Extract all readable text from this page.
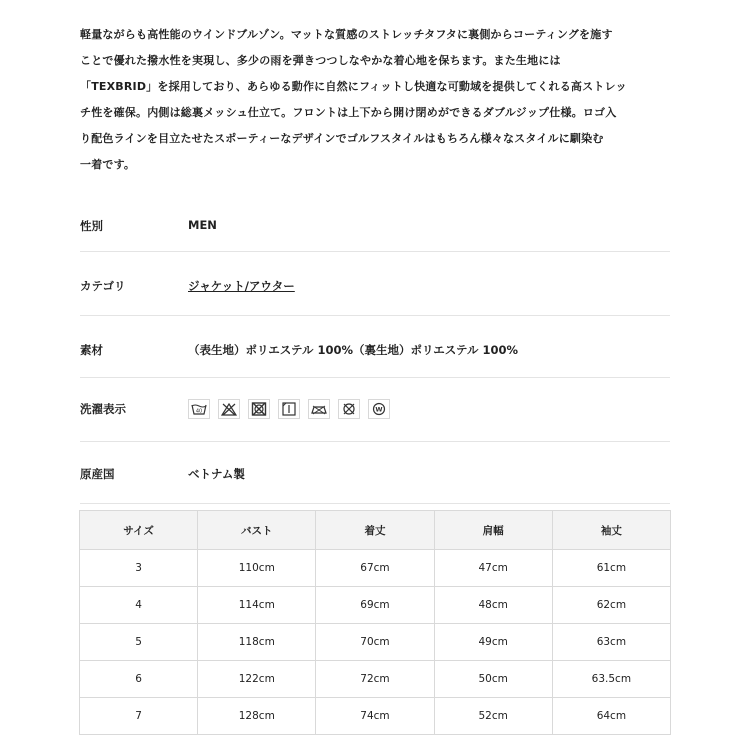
軽量ながらも高性能のウインドブルゾン。マットな質感のストレッチタフタに裏側からコーティングを施す
ことで優れた撥水性を実現し、多少の雨を弾きつつしなやかな着心地を保ちます。また生地には
「TEXBRID」を採用しており、あらゆる動作に自然にフィットし快適な可動域を提供してくれる高ストレッ
チ性を確保。内側は総裏メッシュ仕立て。フロントは上下から開け閉めができるダブルジップ仕様。ロゴ入
り配色ラインを目立たせたスポーティーなデザインでゴルフスタイルはもちろん様々なスタイルに馴染む
一着です。
性別	MEN
カテゴリ	ジャケット/アウター
素材	（表生地）ポリエステル 100%（裏生地）ポリエステル 100%
洗濯表示	40	W
原産国	ベトナム製
サイズ	バスト	着丈	肩幅	袖丈
3	110cm	67cm	47cm	61cm
4	114cm	69cm	48cm	62cm
5	118cm	70cm	49cm	63cm
6	122cm	72cm	50cm	63.5cm
7	128cm	74cm	52cm	64cm
